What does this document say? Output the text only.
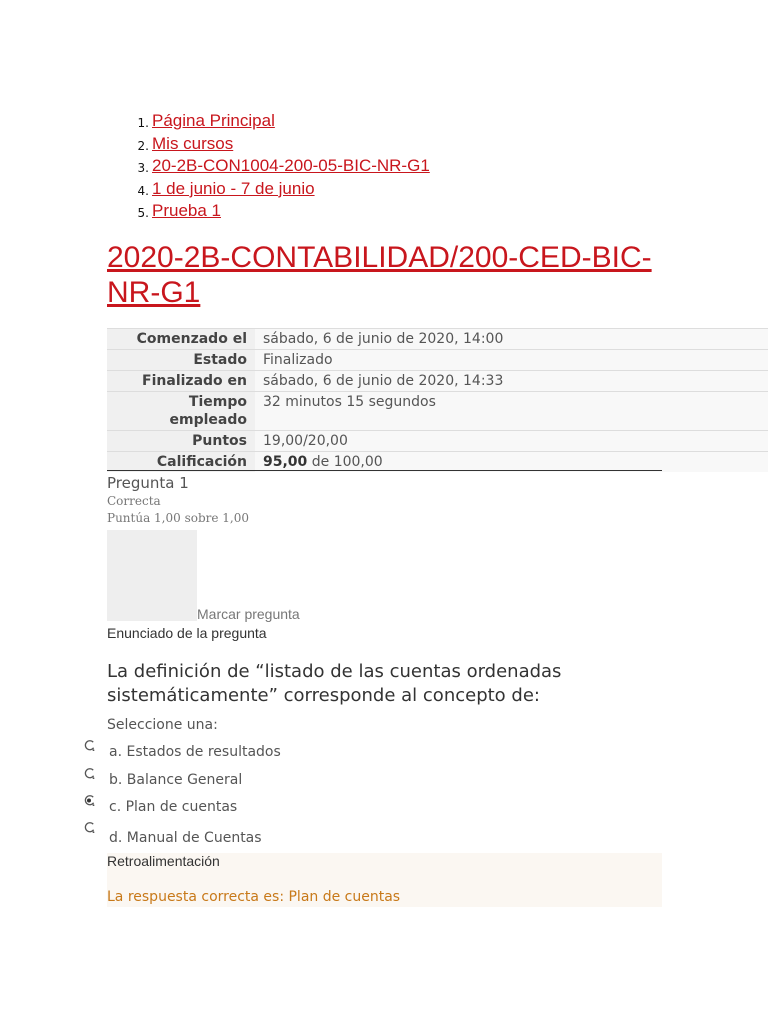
1. Página Principal
2. Mis cursos
3. 20-2B-CON1004-200-05-BIC-NR-G1
4. 1 de junio - 7 de junio
5. Prueba 1
2020-2B-CONTABILIDAD/200-CED-BIC-NR-G1
Comenzado el	sábado, 6 de junio de 2020, 14:00
Estado	Finalizado
Finalizado en	sábado, 6 de junio de 2020, 14:33
Tiempo empleado	32 minutos 15 segundos
Puntos	19,00/20,00
Calificación	95,00 de 100,00
Pregunta 1
Correcta
Puntúa 1,00 sobre 1,00
Marcar pregunta
Enunciado de la pregunta

La definición de “listado de las cuentas ordenadas sistemáticamente” corresponde al concepto de:

Seleccione una:
a. Estados de resultados
b. Balance General
c. Plan de cuentas
d. Manual de Cuentas
Retroalimentación
La respuesta correcta es: Plan de cuentas
